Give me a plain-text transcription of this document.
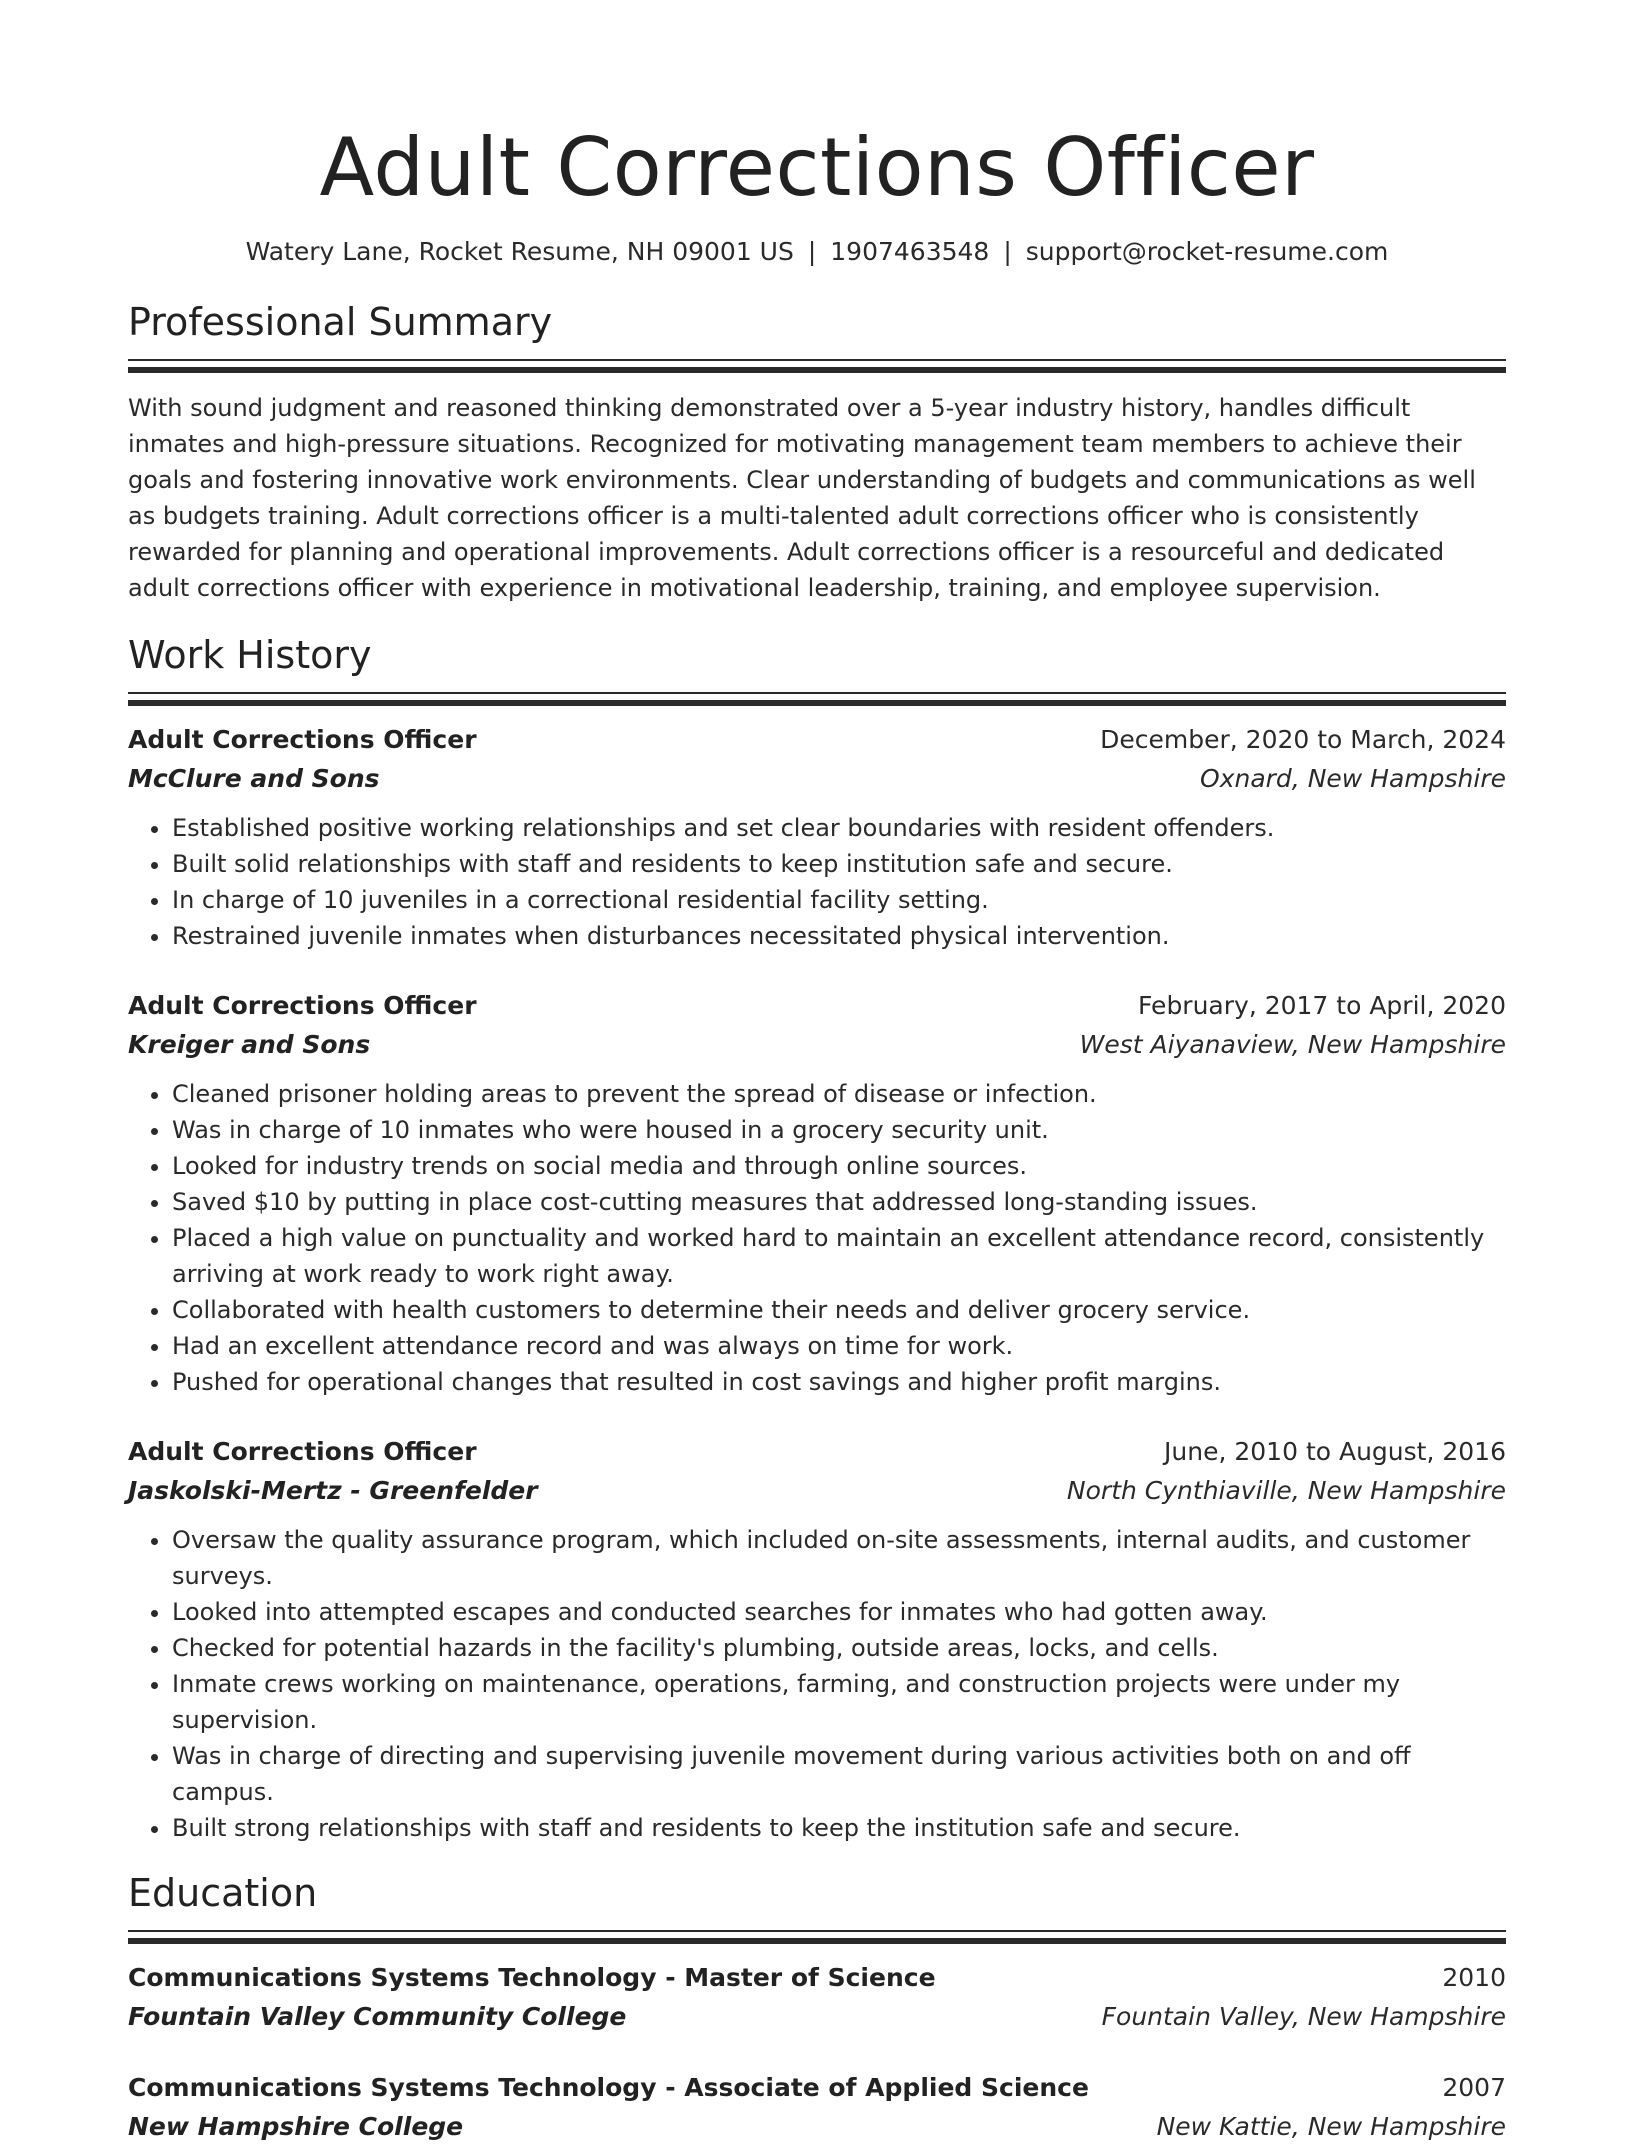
Adult Corrections Officer
Watery Lane, Rocket Resume, NH 09001 US | 1907463548 | support@rocket-resume.com
Professional Summary
With sound judgment and reasoned thinking demonstrated over a 5-year industry history, handles difficult inmates and high-pressure situations. Recognized for motivating management team members to achieve their goals and fostering innovative work environments. Clear understanding of budgets and communications as well as budgets training. Adult corrections officer is a multi-talented adult corrections officer who is consistently rewarded for planning and operational improvements. Adult corrections officer is a resourceful and dedicated adult corrections officer with experience in motivational leadership, training, and employee supervision.
Work History
Adult Corrections Officer	December, 2020 to March, 2024
McClure and Sons	Oxnard, New Hampshire
• Established positive working relationships and set clear boundaries with resident offenders.
• Built solid relationships with staff and residents to keep institution safe and secure.
• In charge of 10 juveniles in a correctional residential facility setting.
• Restrained juvenile inmates when disturbances necessitated physical intervention.
Adult Corrections Officer	February, 2017 to April, 2020
Kreiger and Sons	West Aiyanaview, New Hampshire
• Cleaned prisoner holding areas to prevent the spread of disease or infection.
• Was in charge of 10 inmates who were housed in a grocery security unit.
• Looked for industry trends on social media and through online sources.
• Saved $10 by putting in place cost-cutting measures that addressed long-standing issues.
• Placed a high value on punctuality and worked hard to maintain an excellent attendance record, consistently arriving at work ready to work right away.
• Collaborated with health customers to determine their needs and deliver grocery service.
• Had an excellent attendance record and was always on time for work.
• Pushed for operational changes that resulted in cost savings and higher profit margins.
Adult Corrections Officer	June, 2010 to August, 2016
Jaskolski-Mertz - Greenfelder	North Cynthiaville, New Hampshire
• Oversaw the quality assurance program, which included on-site assessments, internal audits, and customer surveys.
• Looked into attempted escapes and conducted searches for inmates who had gotten away.
• Checked for potential hazards in the facility's plumbing, outside areas, locks, and cells.
• Inmate crews working on maintenance, operations, farming, and construction projects were under my supervision.
• Was in charge of directing and supervising juvenile movement during various activities both on and off campus.
• Built strong relationships with staff and residents to keep the institution safe and secure.
Education
Communications Systems Technology - Master of Science	2010
Fountain Valley Community College	Fountain Valley, New Hampshire
Communications Systems Technology - Associate of Applied Science	2007
New Hampshire College	New Kattie, New Hampshire
